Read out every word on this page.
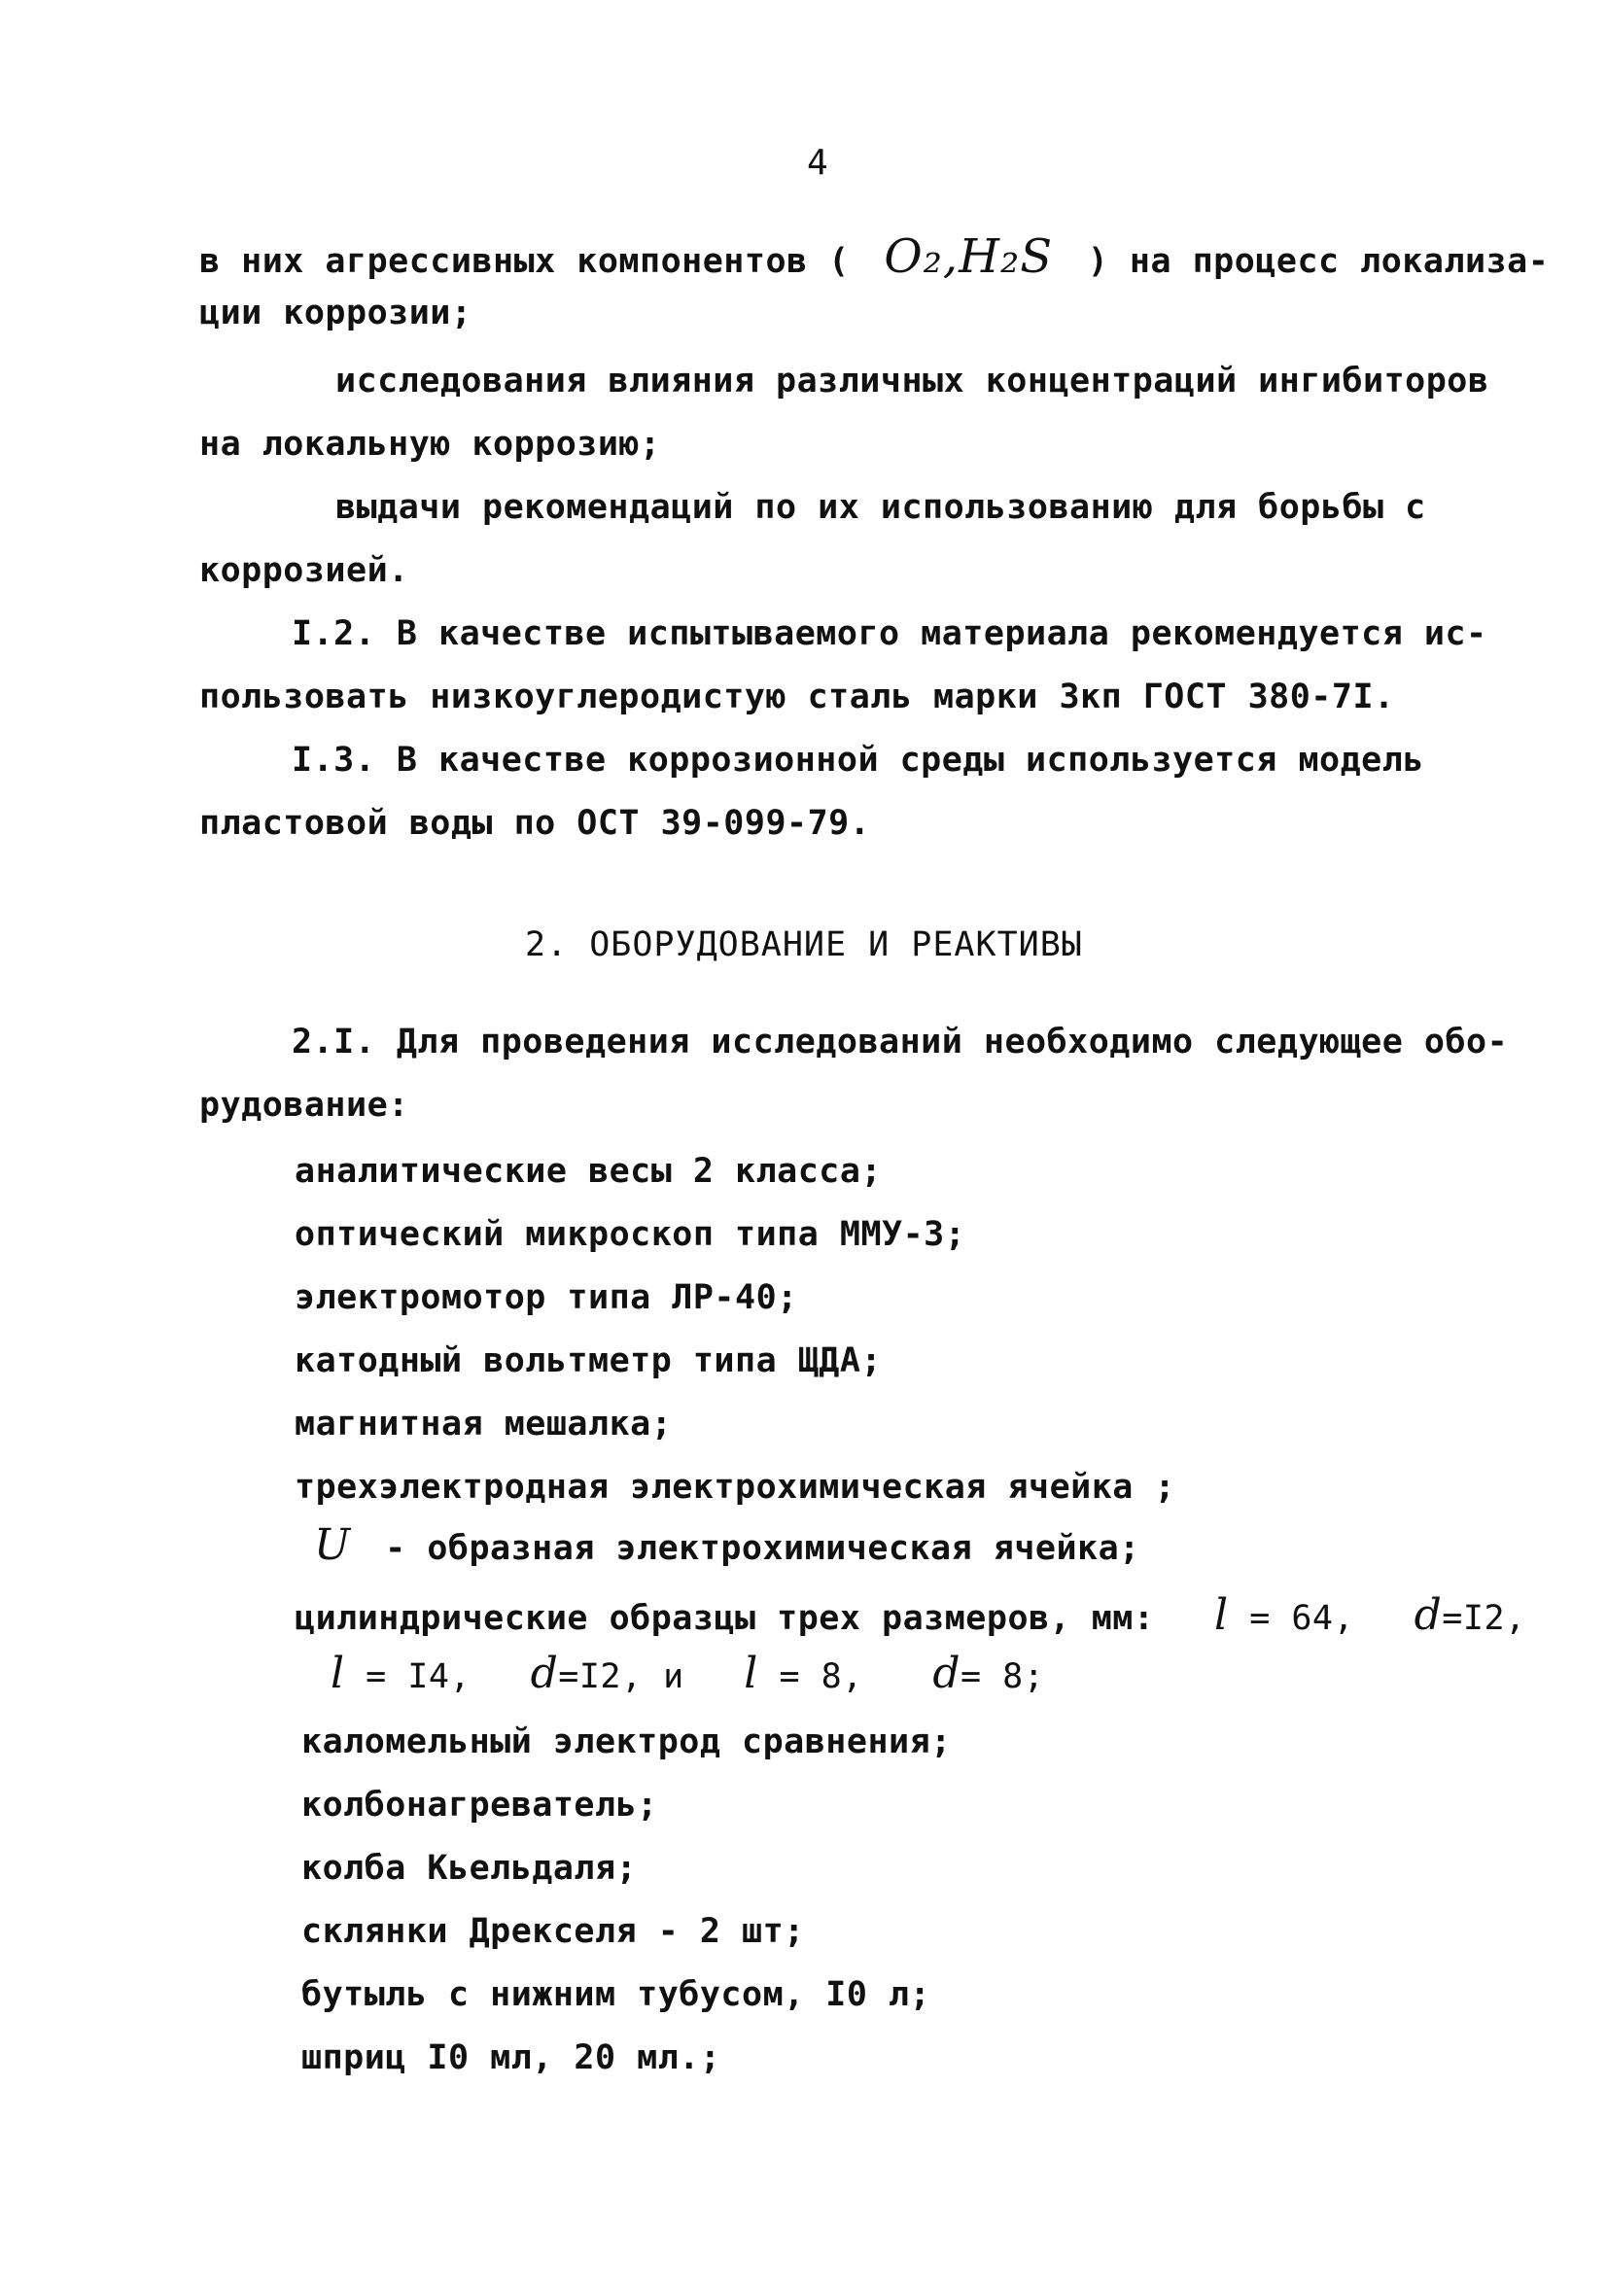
4
в них агрессивных компонентов ( O₂,H₂S ) на процесс локализа-
ции коррозии;
исследования влияния различных концентраций ингибиторов
на локальную коррозию;
выдачи рекомендаций по их использованию для борьбы с
коррозией.
I.2. В качестве испытываемого материала рекомендуется ис-
пользовать низкоуглеродистую сталь марки 3кп ГОСТ 380-7I.
I.3. В качестве коррозионной среды используется модель
пластовой воды по ОСТ 39-099-79.
2. ОБОРУДОВАНИЕ И РЕАКТИВЫ
2.I. Для проведения исследований необходимо следующее обо-
рудование:
аналитические весы 2 класса;
оптический микроскоп типа ММУ-3;
электромотор типа ЛР-40;
катодный вольтметр типа ЩДА;
магнитная мешалка;
трехэлектродная электрохимическая ячейка ;
U - образная электрохимическая ячейка;
цилиндрические образцы трех размеров, мм: l = 64, d=I2,
l = I4, d=I2, и l = 8, d= 8;
каломельный электрод сравнения;
колбонагреватель;
колба Кьельдаля;
склянки Дрекселя - 2 шт;
бутыль с нижним тубусом, I0 л;
шприц I0 мл, 20 мл.;
